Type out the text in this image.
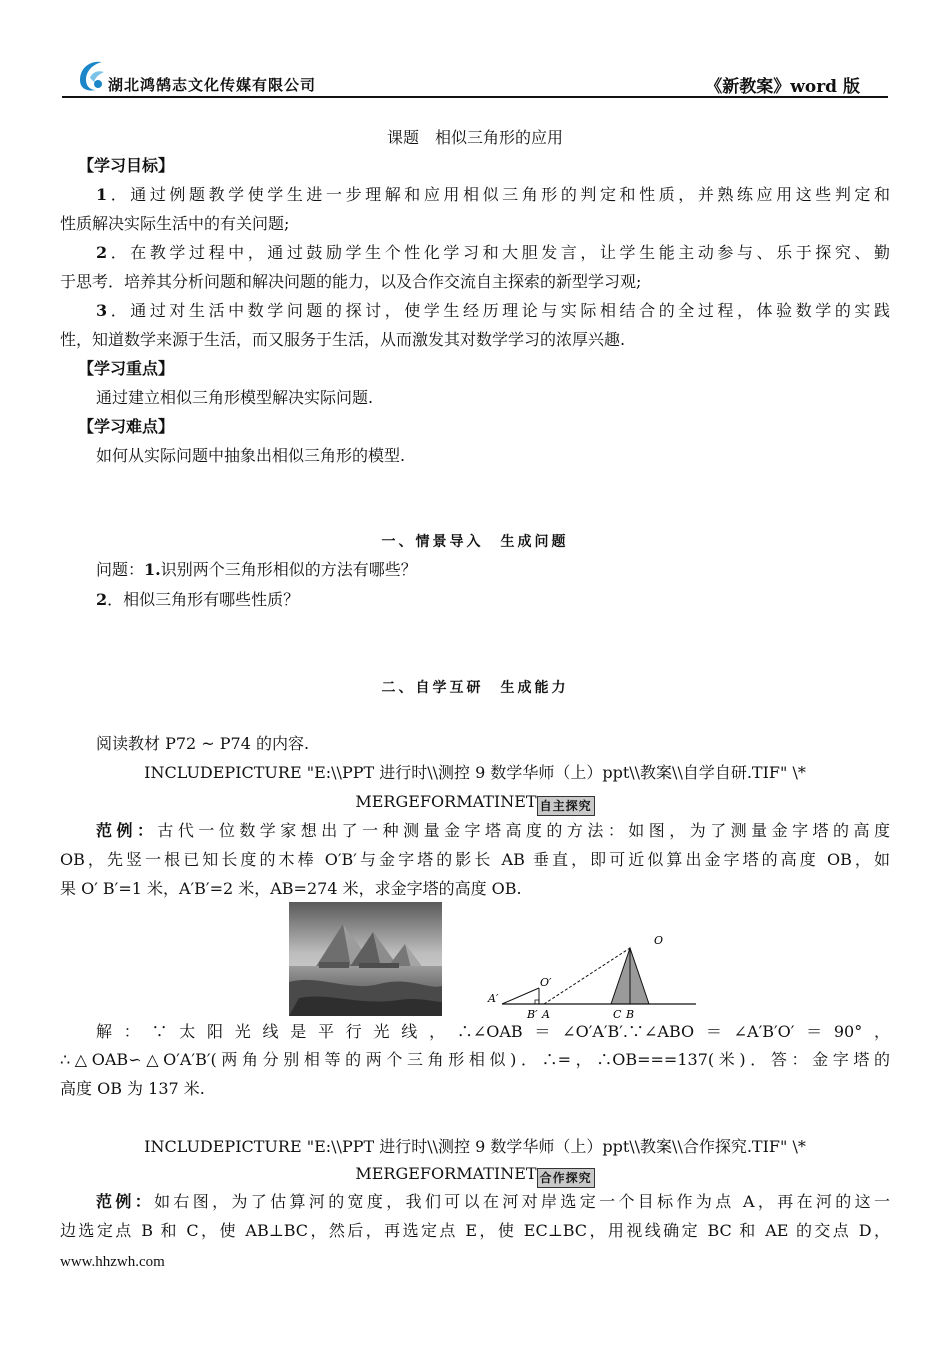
湖北鸿鹄志文化传媒有限公司	《新教案》word 版
课题　相似三角形的应用
【学习目标】
1．通过例题教学使学生进一步理解和应用相似三角形的判定和性质，并熟练应用这些判定和
性质解决实际生活中的有关问题;
2．在教学过程中，通过鼓励学生个性化学习和大胆发言，让学生能主动参与、乐于探究、勤
于思考．培养其分析问题和解决问题的能力，以及合作交流自主探索的新型学习观;
3．通过对生活中数学问题的探讨，使学生经历理论与实际相结合的全过程，体验数学的实践
性，知道数学来源于生活，而又服务于生活，从而激发其对数学学习的浓厚兴趣.
【学习重点】
通过建立相似三角形模型解决实际问题.
【学习难点】
如何从实际问题中抽象出相似三角形的模型.
一、情景导入　生成问题
问题：1.识别两个三角形相似的方法有哪些？
2．相似三角形有哪些性质？
二、自学互研　生成能力
阅读教材 P72 ~ P74 的内容.
INCLUDEPICTURE "E:\\PPT 进行时\\测控 9 数学华师（上）ppt\\教案\\自学自研.TIF" \*
MERGEFORMATINET 自主探究
范例：古代一位数学家想出了一种测量金字塔高度的方法：如图，为了测量金字塔的高度
OB，先竖一根已知长度的木棒 O′B′与金字塔的影长 AB 垂直，即可近似算出金字塔的高度 OB，如
果 O′ B′=1 米，A′B′=2 米，AB=274 米，求金字塔的高度 OB.
O
O′
A′
B′ A	C B
解：∵太阳光线是平行光线，∴∠OAB＝∠O′A′B′.∵∠ABO＝∠A′B′O′＝90°，
∴△OAB∽△O′A′B′(两角分别相等的两个三角形相似)．∴=，∴OB===137(米)．答：金字塔的
高度 OB 为 137 米.
INCLUDEPICTURE "E:\\PPT 进行时\\测控 9 数学华师（上）ppt\\教案\\合作探究.TIF" \*
MERGEFORMATINET 合作探究
范例：如右图，为了估算河的宽度，我们可以在河对岸选定一个目标作为点 A，再在河的这一
边选定点 B 和 C，使 AB⊥BC，然后，再选定点 E，使 EC⊥BC，用视线确定 BC 和 AE 的交点 D，
www.hhzwh.com
